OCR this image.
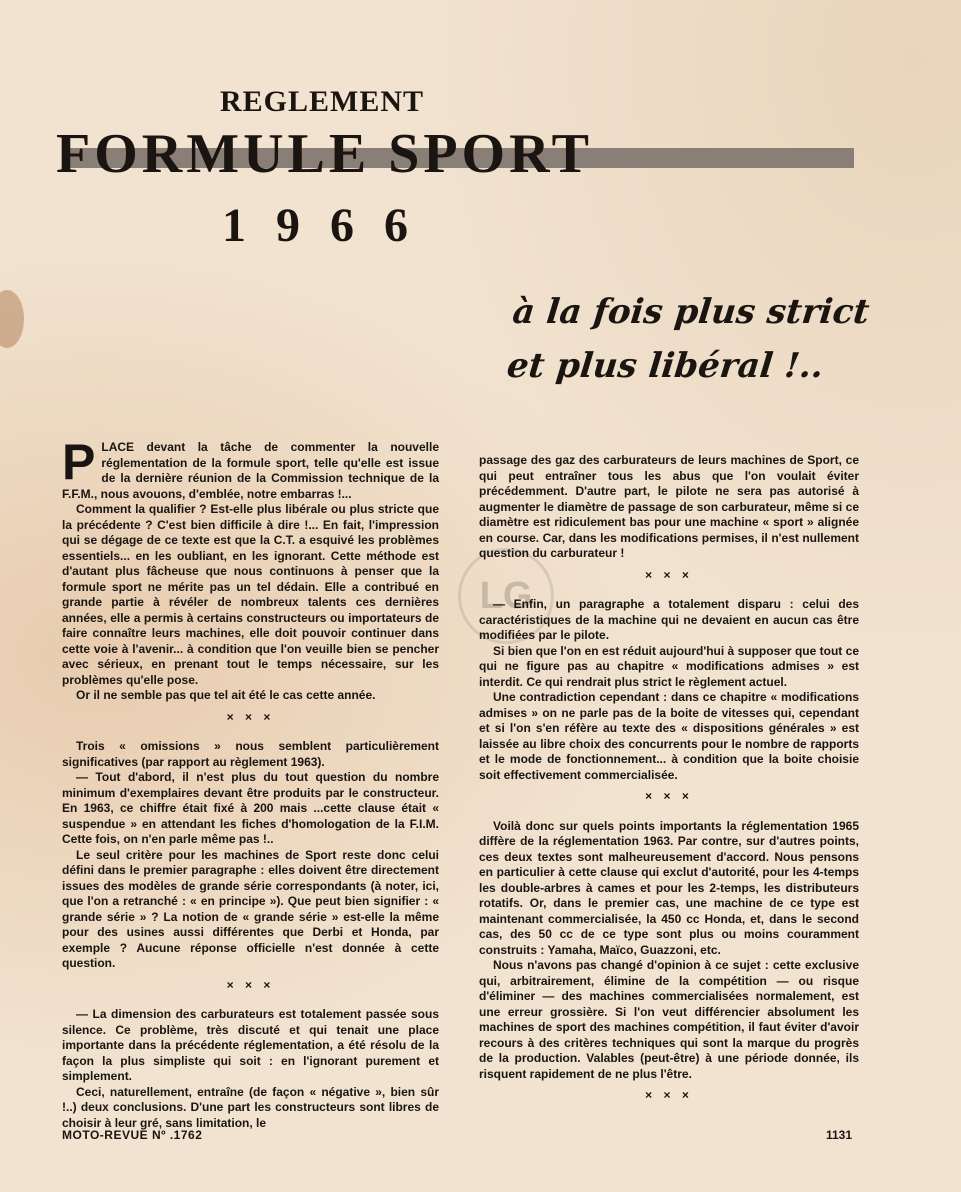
REGLEMENT
FORMULE SPORT
1966
à la fois plus strict et plus libéral !..
LG

PLACE devant la tâche de commenter la nouvelle réglementation de la formule sport, telle qu'elle est issue de la dernière réunion de la Commission technique de la F.F.M., nous avouons, d'emblée, notre embarras !...

Comment la qualifier ? Est-elle plus libérale ou plus stricte que la précédente ? C'est bien difficile à dire !... En fait, l'impression qui se dégage de ce texte est que la C.T. a esquivé les problèmes essentiels... en les oubliant, en les ignorant. Cette méthode est d'autant plus fâcheuse que nous continuons à penser que la formule sport ne mérite pas un tel dédain. Elle a contribué en grande partie à révéler de nombreux talents ces dernières années, elle a permis à certains constructeurs ou importateurs de faire connaître leurs machines, elle doit pouvoir continuer dans cette voie à l'avenir... à condition que l'on veuille bien se pencher avec sérieux, en prenant tout le temps nécessaire, sur les problèmes qu'elle pose.

Or il ne semble pas que tel ait été le cas cette année.

× × ×

Trois « omissions » nous semblent particulièrement significatives (par rapport au règlement 1963).

— Tout d'abord, il n'est plus du tout question du nombre minimum d'exemplaires devant être produits par le constructeur. En 1963, ce chiffre était fixé à 200 mais ...cette clause était « suspendue » en attendant les fiches d'homologation de la F.I.M. Cette fois, on n'en parle même pas !..

Le seul critère pour les machines de Sport reste donc celui défini dans le premier paragraphe : elles doivent être directement issues des modèles de grande série correspondants (à noter, ici, que l'on a retranché : « en principe »). Que peut bien signifier : « grande série » ? La notion de « grande série » est-elle la même pour des usines aussi différentes que Derbi et Honda, par exemple ? Aucune réponse officielle n'est donnée à cette question.

× × ×

— La dimension des carburateurs est totalement passée sous silence. Ce problème, très discuté et qui tenait une place importante dans la précédente réglementation, a été résolu de la façon la plus simpliste qui soit : en l'ignorant purement et simplement.

Ceci, naturellement, entraîne (de façon « négative », bien sûr !..) deux conclusions. D'une part les constructeurs sont libres de choisir à leur gré, sans limitation, le

passage des gaz des carburateurs de leurs machines de Sport, ce qui peut entraîner tous les abus que l'on voulait éviter précédemment. D'autre part, le pilote ne sera pas autorisé à augmenter le diamètre de passage de son carburateur, même si ce diamètre est ridiculement bas pour une machine « sport » alignée en course. Car, dans les modifications permises, il n'est nullement question du carburateur !

× × ×

— Enfin, un paragraphe a totalement disparu : celui des caractéristiques de la machine qui ne devaient en aucun cas être modifiées par le pilote.

Si bien que l'on en est réduit aujourd'hui à supposer que tout ce qui ne figure pas au chapitre « modifications admises » est interdit. Ce qui rendrait plus strict le règlement actuel.

Une contradiction cependant : dans ce chapitre « modifications admises » on ne parle pas de la boite de vitesses qui, cependant et si l'on s'en réfère au texte des « dispositions générales » est laissée au libre choix des concurrents pour le nombre de rapports et le mode de fonctionnement... à condition que la boite choisie soit effectivement commercialisée.

× × ×

Voilà donc sur quels points importants la réglementation 1965 diffère de la réglementation 1963. Par contre, sur d'autres points, ces deux textes sont malheureusement d'accord. Nous pensons en particulier à cette clause qui exclut d'autorité, pour les 4-temps les double-arbres à cames et pour les 2-temps, les distributeurs rotatifs. Or, dans le premier cas, une machine de ce type est maintenant commercialisée, la 450 cc Honda, et, dans le second cas, des 50 cc de ce type sont plus ou moins couramment construits : Yamaha, Maïco, Guazzoni, etc.

Nous n'avons pas changé d'opinion à ce sujet : cette exclusive qui, arbitrairement, élimine de la compétition — ou risque d'éliminer — des machines commercialisées normalement, est une erreur grossière. Si l'on veut différencier absolument les machines de sport des machines compétition, il faut éviter d'avoir recours à des critères techniques qui sont la marque du progrès de la production. Valables (peut-être) à une période donnée, ils risquent rapidement de ne plus l'être.

× × ×
MOTO-REVUE Nº .1762	1131
